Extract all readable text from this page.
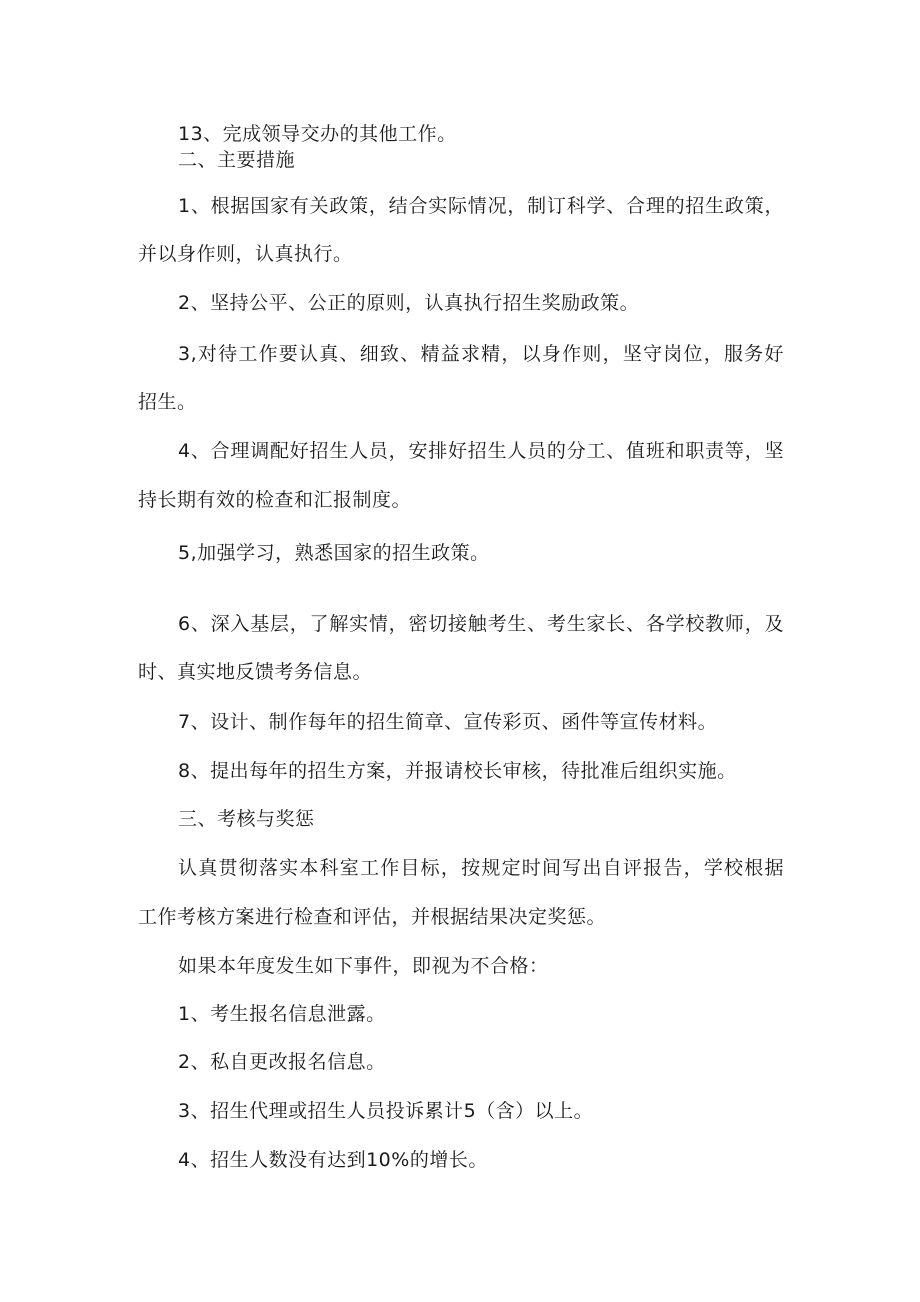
13、完成领导交办的其他工作。
二、主要措施
1、根据国家有关政策，结合实际情况，制订科学、合理的招生政策，
并以身作则，认真执行。
2、坚持公平、公正的原则，认真执行招生奖励政策。
3,对待工作要认真、细致、精益求精，以身作则，坚守岗位，服务好
招生。
4、合理调配好招生人员，安排好招生人员的分工、值班和职责等，坚
持长期有效的检查和汇报制度。
5,加强学习，熟悉国家的招生政策。
6、深入基层，了解实情，密切接触考生、考生家长、各学校教师，及
时、真实地反馈考务信息。
7、设计、制作每年的招生简章、宣传彩页、函件等宣传材料。
8、提出每年的招生方案，并报请校长审核，待批准后组织实施。
三、考核与奖惩
认真贯彻落实本科室工作目标，按规定时间写出自评报告，学校根据
工作考核方案进行检查和评估，并根据结果决定奖惩。
如果本年度发生如下事件，即视为不合格：
1、考生报名信息泄露。
2、私自更改报名信息。
3、招生代理或招生人员投诉累计5（含）以上。
4、招生人数没有达到10%的增长。
